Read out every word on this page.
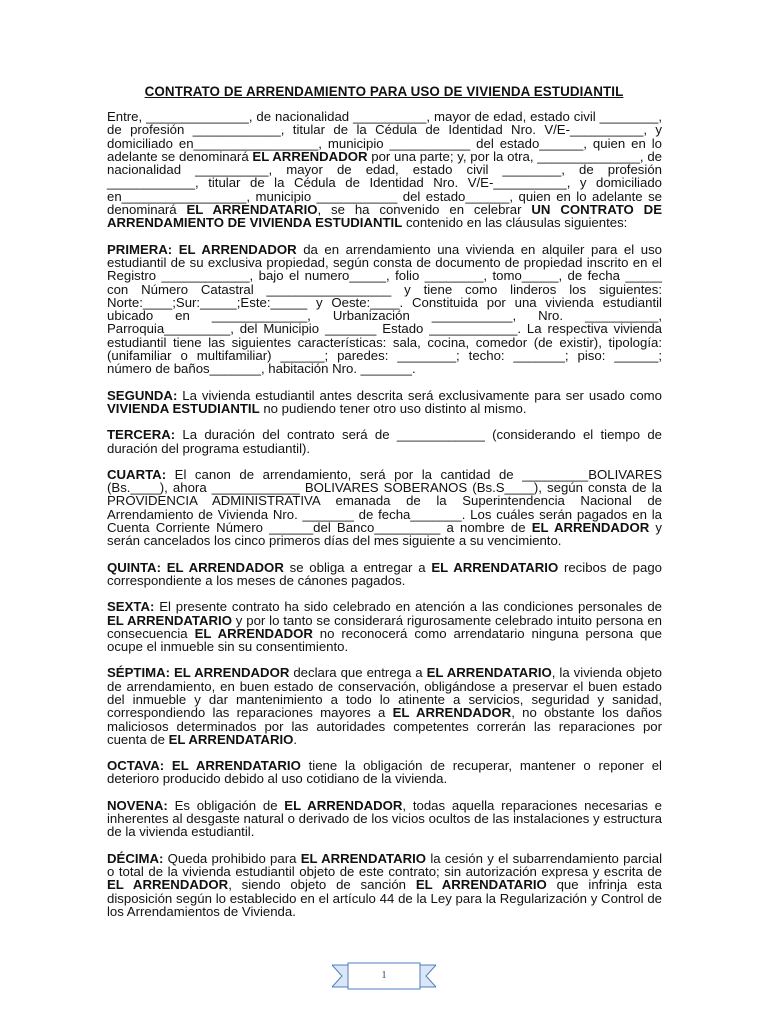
CONTRATO DE ARRENDAMIENTO PARA USO DE VIVIENDA ESTUDIANTIL

Entre, ______________, de nacionalidad __________, mayor de edad, estado civil ________, de profesión ____________, titular de la Cédula de Identidad Nro. V/E-__________, y domiciliado en_________________, municipio ___________ del estado______, quien en lo adelante se denominará EL ARRENDADOR por una parte; y, por la otra, ______________, de nacionalidad __________, mayor de edad, estado civil ________, de profesión ____________, titular de la Cédula de Identidad Nro. V/E-__________, y domiciliado en_________________, municipio ___________ del estado______, quien en lo adelante se denominará EL ARRENDATARIO, se ha convenido en celebrar UN CONTRATO DE ARRENDAMIENTO DE VIVIENDA ESTUDIANTIL contenido en las cláusulas siguientes:

PRIMERA: EL ARRENDADOR da en arrendamiento una vivienda en alquiler para el uso estudiantil de su exclusiva propiedad, según consta de documento de propiedad inscrito en el Registro ____________, bajo el numero_____, folio ________, tomo_____, de fecha _____ con Número Catastral _________________ y tiene como linderos los siguientes: Norte:____;Sur:_____;Este:_____ y Oeste:____. Constituida por una vivienda estudiantil ubicado en _____________, Urbanización ___________, Nro. __________, Parroquia_________, del Municipio _______ Estado ____________. La respectiva vivienda estudiantil tiene las siguientes características: sala, cocina, comedor (de existir), tipología: (unifamiliar o multifamiliar) ______; paredes: ________; techo: _______; piso: ______; número de baños_______, habitación Nro. _______.

SEGUNDA: La vivienda estudiantil antes descrita será exclusivamente para ser usado como VIVIENDA ESTUDIANTIL no pudiendo tener otro uso distinto al mismo.

TERCERA: La duración del contrato será de ____________ (considerando el tiempo de duración del programa estudiantil).

CUARTA: El canon de arrendamiento, será por la cantidad de _________BOLIVARES (Bs.____), ahora ____________ BOLIVARES SOBERANOS (Bs.S____), según consta de la PROVIDENCIA ADMINISTRATIVA emanada de la Superintendencia Nacional de Arrendamiento de Vivienda Nro. _______ de fecha_______. Los cuáles serán pagados en la Cuenta Corriente Número ______del Banco_________ a nombre de EL ARRENDADOR y serán cancelados los cinco primeros días del mes siguiente a su vencimiento.

QUINTA: EL ARRENDADOR se obliga a entregar a EL ARRENDATARIO recibos de pago correspondiente a los meses de cánones pagados.

SEXTA: El presente contrato ha sido celebrado en atención a las condiciones personales de EL ARRENDATARIO y por lo tanto se considerará rigurosamente celebrado intuito persona en consecuencia EL ARRENDADOR no reconocerá como arrendatario ninguna persona que ocupe el inmueble sin su consentimiento.

SÉPTIMA: EL ARRENDADOR declara que entrega a EL ARRENDATARIO, la vivienda objeto de arrendamiento, en buen estado de conservación, obligándose a preservar el buen estado del inmueble y dar mantenimiento a todo lo atinente a servicios, seguridad y sanidad, correspondiendo las reparaciones mayores a EL ARRENDADOR, no obstante los daños maliciosos determinados por las autoridades competentes correrán las reparaciones por cuenta de EL ARRENDATARIO.

OCTAVA: EL ARRENDATARIO tiene la obligación de recuperar, mantener o reponer el deterioro producido debido al uso cotidiano de la vivienda.

NOVENA: Es obligación de EL ARRENDADOR, todas aquella reparaciones necesarias e inherentes al desgaste natural o derivado de los vicios ocultos de las instalaciones y estructura de la vivienda estudiantil.

DÉCIMA: Queda prohibido para EL ARRENDATARIO la cesión y el subarrendamiento parcial o total de la vivienda estudiantil objeto de este contrato; sin autorización expresa y escrita de EL ARRENDADOR, siendo objeto de sanción EL ARRENDATARIO que infrinja esta disposición según lo establecido en el artículo 44 de la Ley para la Regularización y Control de los Arrendamientos de Vivienda.

1
